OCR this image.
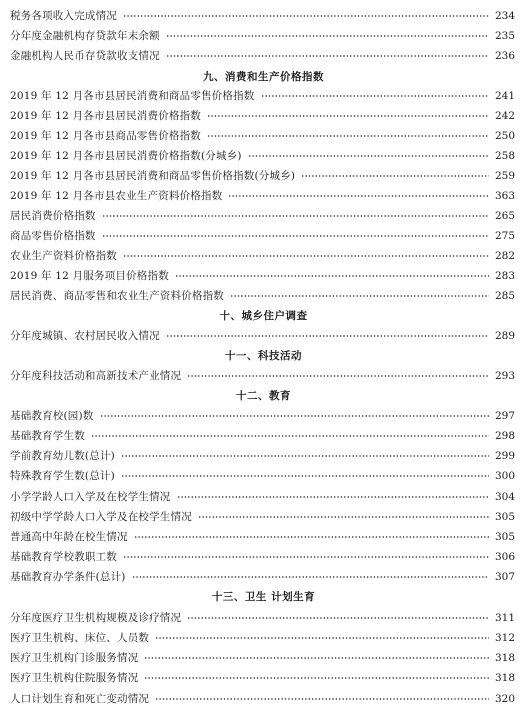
税务各项收入完成情况	234
分年度金融机构存贷款年末余额	235
金融机构人民币存贷款收支情况	236
九、消费和生产价格指数
2019 年 12 月各市县居民消费和商品零售价格指数	241
2019 年 12 月各市县居民消费价格指数	242
2019 年 12 月各市县商品零售价格指数	250
2019 年 12 月各市县居民消费价格指数(分城乡)	258
2019 年 12 月各市县居民消费和商品零售价格指数(分城乡)	259
2019 年 12 月各市县农业生产资料价格指数	363
居民消费价格指数	265
商品零售价格指数	275
农业生产资料价格指数	282
2019 年 12 月服务项目价格指数	283
居民消费、商品零售和农业生产资料价格指数	285
十、城乡住户调查
分年度城镇、农村居民收入情况	289
十一、科技活动
分年度科技活动和高新技术产业情况	293
十二、教育
基础教育校(园)数	297
基础教育学生数	298
学前教育幼儿数(总计)	299
特殊教育学生数(总计)	300
小学学龄人口入学及在校学生情况	304
初级中学学龄人口入学及在校学生情况	305
普通高中年龄在校生情况	305
基础教育学校教职工数	306
基础教育办学条件(总计)	307
十三、卫生 计划生育
分年度医疗卫生机构规模及诊疗情况	311
医疗卫生机构、床位、人员数	312
医疗卫生机构门诊服务情况	318
医疗卫生机构住院服务情况	318
人口计划生育和死亡变动情况	320
